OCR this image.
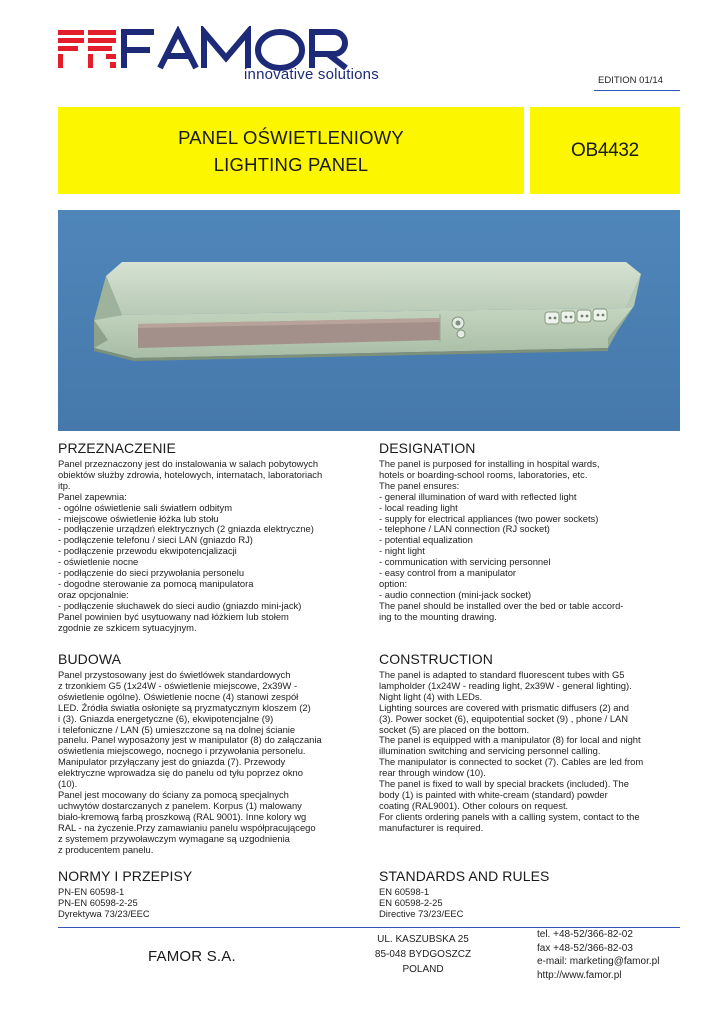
innovative solutions	EDITION 01/14
PANEL OŚWIETLENIOWY
LIGHTING PANEL
OB4432
PRZEZNACZENIE

Panel przeznaczony jest do instalowania w salach pobytowych

obiektów służby zdrowia, hotelowych, internatach, laboratoriach

itp.

Panel zapewnia:

- ogólne oświetlenie sali światłem odbitym

- miejscowe oświetlenie łóżka lub stołu

- podłączenie urządzeń elektrycznych (2 gniazda elektryczne)

- podłączenie telefonu / sieci LAN (gniazdo RJ)

- podłączenie przewodu ekwipotencjalizacji

- oświetlenie nocne

- podłączenie do sieci przywołania personelu

- dogodne sterowanie za pomocą manipulatora

oraz opcjonalnie:

- podłączenie słuchawek do sieci audio (gniazdo mini-jack)

Panel powinien być usytuowany nad łóżkiem lub stołem

zgodnie ze szkicem sytuacyjnym.

BUDOWA

Panel przystosowany jest do świetlówek standardowych

z trzonkiem G5 (1x24W - oświetlenie miejscowe, 2x39W -

oświetlenie ogólne). Oświetlenie nocne (4) stanowi zespół

LED. Źródła światła osłonięte są pryzmatycznym kloszem (2)

i (3). Gniazda energetyczne (6), ekwipotencjalne (9)

i telefoniczne / LAN (5) umieszczone są na dolnej ścianie

panelu. Panel wyposażony jest w manipulator (8) do załączania

oświetlenia miejscowego, nocnego i przywołania personelu.

Manipulator przyłączany jest do gniazda (7). Przewody

elektryczne wprowadza się do panelu od tyłu poprzez okno

(10).

Panel jest mocowany do ściany za pomocą specjalnych

uchwytów dostarczanych z panelem. Korpus (1) malowany

biało-kremową farbą proszkową (RAL 9001). Inne kolory wg

RAL - na życzenie.Przy zamawianiu panelu współpracującego

z systemem przywoławczym wymagane są uzgodnienia

z producentem panelu.

NORMY I PRZEPISY

PN-EN 60598-1

PN-EN 60598-2-25

Dyrektywa 73/23/EEC

DESIGNATION

The panel is purposed for installing in hospital wards,

hotels or boarding-school rooms, laboratories, etc.

The panel ensures:

- general illumination of ward with reflected light

- local reading light

- supply for electrical appliances (two power sockets)

- telephone / LAN connection (RJ socket)

- potential equalization

- night light

- communication with servicing personnel

- easy control from a manipulator

option:

- audio connection (mini-jack socket)

The panel should be installed over the bed or table accord-

ing to the mounting drawing.

CONSTRUCTION

The panel is adapted to standard fluorescent tubes with G5

lampholder (1x24W - reading light, 2x39W - general lighting).

Night light (4) with LEDs.

Lighting sources are covered with prismatic diffusers (2) and

(3). Power socket (6), equipotential socket (9) , phone / LAN

socket (5) are placed on the bottom.

The panel is equipped with a manipulator (8) for local and night

illumination switching and servicing personnel calling.

The manipulator is connected to socket (7). Cables are led from

rear through window (10).

The panel is fixed to wall by special brackets (included). The

body (1) is painted with white-cream (standard) powder

coating (RAL9001). Other colours on request.

For clients ordering panels with a calling system, contact to the

manufacturer is required.

STANDARDS AND RULES

EN 60598-1

EN 60598-2-25

Directive 73/23/EEC

FAMOR S.A.

UL. KASZUBSKA 25

85-048 BYDGOSZCZ

POLAND

tel. +48-52/366-82-02

fax +48-52/366-82-03

e-mail: marketing@famor.pl

http://www.famor.pl
